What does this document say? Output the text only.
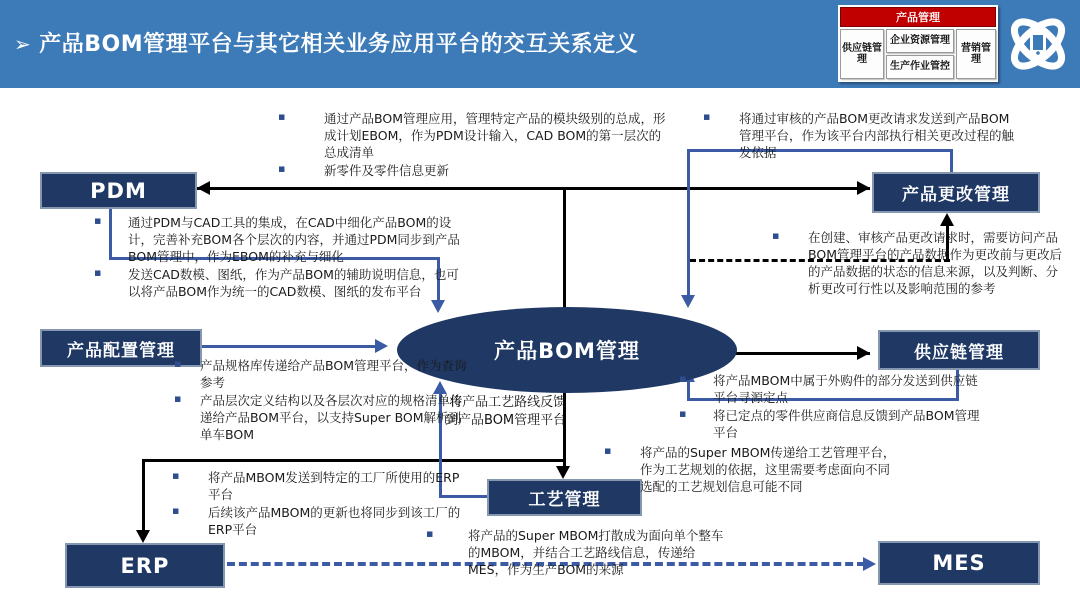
➢ 产品BOM管理平台与其它相关业务应用平台的交互关系定义
产品管理
供应链管理
企业资源管理
生产作业管控
营销管理
PDM	产品更改管理
产品配置管理	供应链管理
工艺管理
ERP	MES
产品BOM管理
▪ 通过产品BOM管理应用，管理特定产品的模块级别的总成，形成计划EBOM，作为PDM设计输入，CAD BOM的第一层次的总成清单
▪ 新零件及零件信息更新
▪ 通过PDM与CAD工具的集成，在CAD中细化产品BOM的设计，完善补充BOM各个层次的内容，并通过PDM同步到产品BOM管理中，作为EBOM的补充与细化
▪ 发送CAD数模、图纸，作为产品BOM的辅助说明信息，也可以将产品BOM作为统一的CAD数模、图纸的发布平台
▪ 将通过审核的产品BOM更改请求发送到产品BOM管理平台，作为该平台内部执行相关更改过程的触发依据
▪ 在创建、审核产品更改请求时，需要访问产品BOM管理平台的产品数据作为更改前与更改后的产品数据的状态的信息来源，以及判断、分析更改可行性以及影响范围的参考
▪ 产品规格库传递给产品BOM管理平台，作为查询参考
▪ 产品层次定义结构以及各层次对应的规格清单传递给产品BOM平台，以支持Super BOM解析到单车BOM
▪ 将产品MBOM中属于外购件的部分发送到供应链平台寻源定点
▪ 将已定点的零件供应商信息反馈到产品BOM管理平台
·将产品工艺路线反馈到产品BOM管理平台
▪ 将产品的Super MBOM传递给工艺管理平台，作为工艺规划的依据，这里需要考虑面向不同选配的工艺规划信息可能不同
▪ 将产品MBOM发送到特定的工厂所使用的ERP平台
▪ 后续该产品MBOM的更新也将同步到该工厂的ERP平台	▪ 将产品的Super MBOM打散成为面向单个整车的MBOM，并结合工艺路线信息，传递给MES，作为生产BOM的来源
